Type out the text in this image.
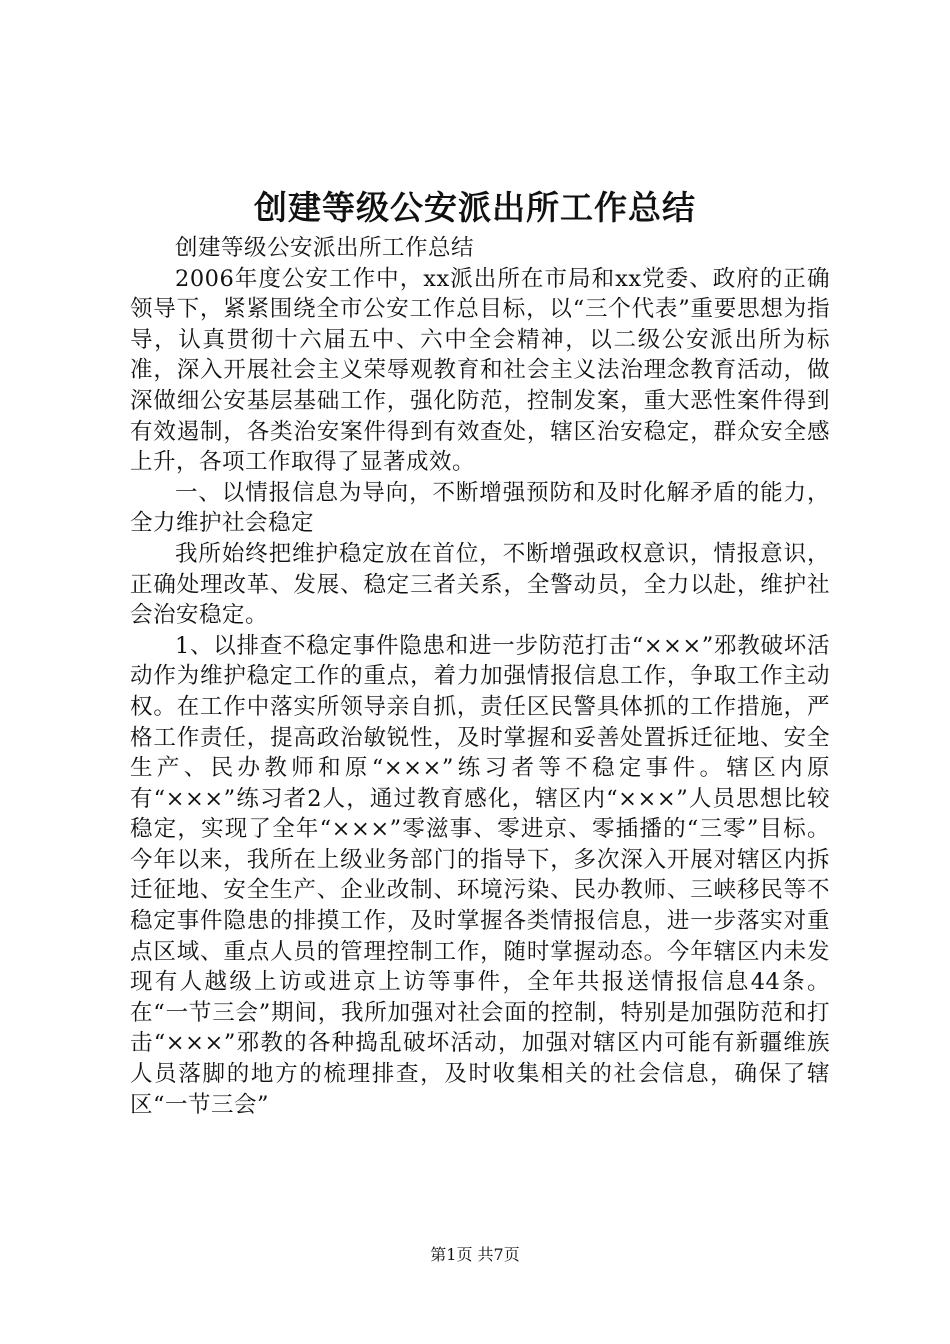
创建等级公安派出所工作总结

创建等级公安派出所工作总结

2006年度公安工作中，xx派出所在市局和xx党委、政府的正确领导下，紧紧围绕全市公安工作总目标，以“三个代表”重要思想为指导，认真贯彻十六届五中、六中全会精神，以二级公安派出所为标准，深入开展社会主义荣辱观教育和社会主义法治理念教育活动，做深做细公安基层基础工作，强化防范，控制发案，重大恶性案件得到有效遏制，各类治安案件得到有效查处，辖区治安稳定，群众安全感上升，各项工作取得了显著成效。

一、以情报信息为导向，不断增强预防和及时化解矛盾的能力，全力维护社会稳定

我所始终把维护稳定放在首位，不断增强政权意识，情报意识，正确处理改革、发展、稳定三者关系，全警动员，全力以赴，维护社会治安稳定。

1、以排查不稳定事件隐患和进一步防范打击“×××”邪教破坏活动作为维护稳定工作的重点，着力加强情报信息工作，争取工作主动权。在工作中落实所领导亲自抓，责任区民警具体抓的工作措施，严格工作责任，提高政治敏锐性，及时掌握和妥善处置拆迁征地、安全生产、民办教师和原“×××”练习者等不稳定事件。辖区内原有“×××”练习者2人，通过教育感化，辖区内“×××”人员思想比较稳定，实现了全年“×××”零滋事、零进京、零插播的“三零”目标。今年以来，我所在上级业务部门的指导下，多次深入开展对辖区内拆迁征地、安全生产、企业改制、环境污染、民办教师、三峡移民等不稳定事件隐患的排摸工作，及时掌握各类情报信息，进一步落实对重点区域、重点人员的管理控制工作，随时掌握动态。今年辖区内未发现有人越级上访或进京上访等事件，全年共报送情报信息44条。在“一节三会”期间，我所加强对社会面的控制，特别是加强防范和打击“×××”邪教的各种捣乱破坏活动，加强对辖区内可能有新疆维族人员落脚的地方的梳理排查，及时收集相关的社会信息，确保了辖区“一节三会”

第1页 共7页
